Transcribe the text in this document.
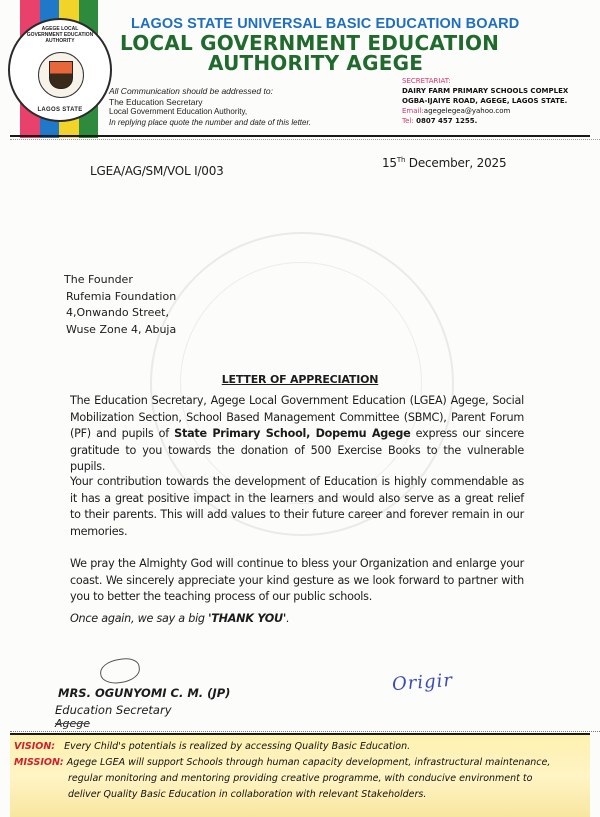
AGEGE LOCAL GOVERNMENT EDUCATION AUTHORITY
LAGOS STATE
LAGOS STATE UNIVERSAL BASIC EDUCATION BOARD
LOCAL GOVERNMENT EDUCATION
AUTHORITY AGEGE
All Communication should be addressed to:
The Education Secretary
Local Government Education Authority,
In replying place quote the number and date of this letter.
SECRETARIAT:
DAIRY FARM PRIMARY SCHOOLS COMPLEX
OGBA-IJAIYE ROAD, AGEGE, LAGOS STATE.
Email:agegelegea@yahoo.com
Tel: 0807 457 1255.
LGEA/AG/SM/VOL I/003
15Th December, 2025
The Founder
Rufemia Foundation
4,Onwando Street,
Wuse Zone 4, Abuja
LETTER OF APPRECIATION
The Education Secretary, Agege Local Government Education (LGEA) Agege, Social Mobilization Section, School Based Management Committee (SBMC), Parent Forum (PF) and pupils of State Primary School, Dopemu Agege express our sincere gratitude to you towards the donation of 500 Exercise Books to the vulnerable pupils.
Your contribution towards the development of Education is highly commendable as it has a great positive impact in the learners and would also serve as a great relief to their parents. This will add values to their future career and forever remain in our memories.
We pray the Almighty God will continue to bless your Organization and enlarge your coast. We sincerely appreciate your kind gesture as we look forward to partner with you to better the teaching process of our public schools.
Once again, we say a big 'THANK YOU'.
MRS. OGUNYOMI C. M. (JP)
Education Secretary
Agege
Origir
VISION: Every Child's potentials is realized by accessing Quality Basic Education.
MISSION: Agege LGEA will support Schools through human capacity development, infrastructural maintenance,
regular monitoring and mentoring providing creative programme, with conducive environment to
deliver Quality Basic Education in collaboration with relevant Stakeholders.
